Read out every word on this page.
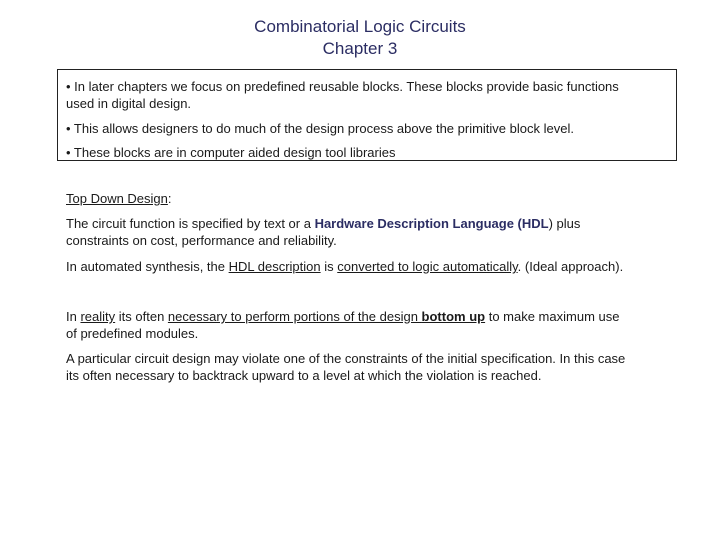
Combinatorial Logic Circuits
Chapter 3

• In later chapters we focus on predefined reusable blocks. These blocks provide basic functions
used in digital design.

• This allows designers to do much of the design process above the primitive block level.

• These blocks are in computer aided design tool libraries

Top Down Design:

The circuit function is specified by text or a Hardware Description Language (HDL) plus
constraints on cost, performance and reliability.

In automated synthesis, the HDL description is converted to logic automatically. (Ideal approach).

In reality its often necessary to perform portions of the design bottom up to make maximum use
of predefined modules.

A particular circuit design may violate one of the constraints of the initial specification. In this case
its often necessary to backtrack upward to a level at which the violation is reached.
